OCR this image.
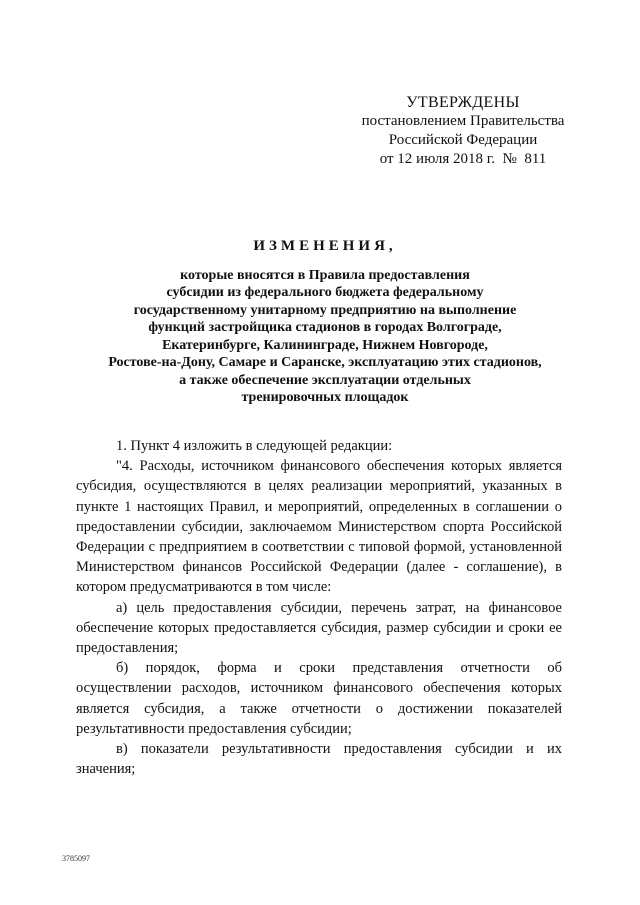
УТВЕРЖДЕНЫ
постановлением Правительства
Российской Федерации
от 12 июля 2018 г. № 811
ИЗМЕНЕНИЯ,
которые вносятся в Правила предоставления
субсидии из федерального бюджета федеральному
государственному унитарному предприятию на выполнение
функций застройщика стадионов в городах Волгограде,
Екатеринбурге, Калининграде, Нижнем Новгороде,
Ростове-на-Дону, Самаре и Саранске, эксплуатацию этих стадионов,
а также обеспечение эксплуатации отдельных
тренировочных площадок

1. Пункт 4 изложить в следующей редакции:

"4. Расходы, источником финансового обеспечения которых является субсидия, осуществляются в целях реализации мероприятий, указанных в пункте 1 настоящих Правил, и мероприятий, определенных в соглашении о предоставлении субсидии, заключаемом Министерством спорта Российской Федерации с предприятием в соответствии с типовой формой, установленной Министерством финансов Российской Федерации (далее - соглашение), в котором предусматриваются в том числе:

а) цель предоставления субсидии, перечень затрат, на финансовое обеспечение которых предоставляется субсидия, размер субсидии и сроки ее предоставления;

б) порядок, форма и сроки представления отчетности об осуществлении расходов, источником финансового обеспечения которых является субсидия, а также отчетности о достижении показателей результативности предоставления субсидии;

в) показатели результативности предоставления субсидии и их значения;

3785097
